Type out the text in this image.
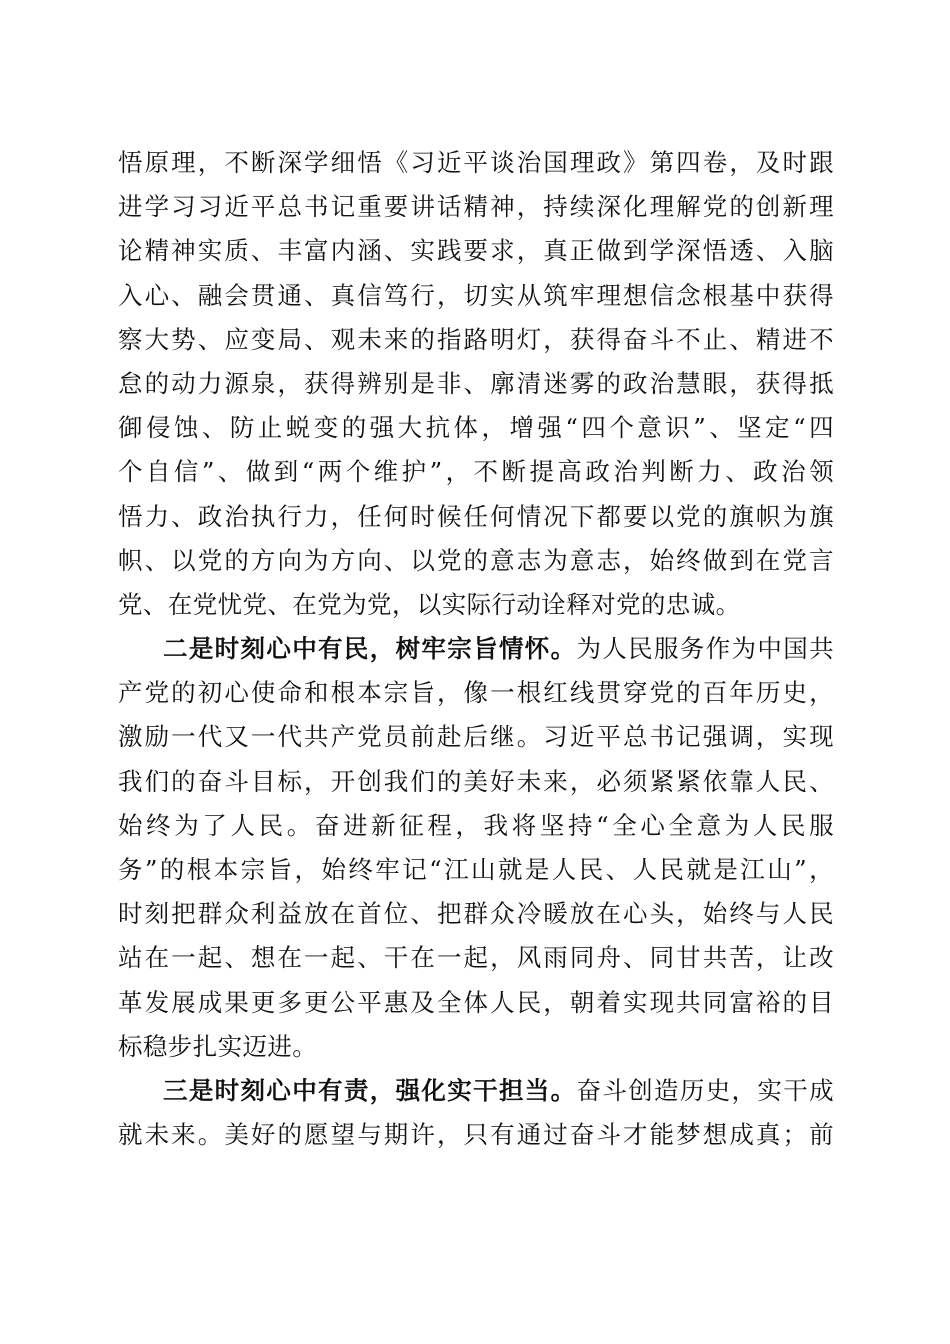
悟原理，不断深学细悟《习近平谈治国理政》第四卷，及时跟
进学习习近平总书记重要讲话精神，持续深化理解党的创新理
论精神实质、丰富内涵、实践要求，真正做到学深悟透、入脑
入心、融会贯通、真信笃行，切实从筑牢理想信念根基中获得
察大势、应变局、观未来的指路明灯，获得奋斗不止、精进不
怠的动力源泉，获得辨别是非、廓清迷雾的政治慧眼，获得抵
御侵蚀、防止蜕变的强大抗体，增强“四个意识”、坚定“四
个自信”、做到“两个维护”，不断提高政治判断力、政治领
悟力、政治执行力，任何时候任何情况下都要以党的旗帜为旗
帜、以党的方向为方向、以党的意志为意志，始终做到在党言
党、在党忧党、在党为党，以实际行动诠释对党的忠诚。
二是时刻心中有民，树牢宗旨情怀。为人民服务作为中国共
产党的初心使命和根本宗旨，像一根红线贯穿党的百年历史，
激励一代又一代共产党员前赴后继。习近平总书记强调，实现
我们的奋斗目标，开创我们的美好未来，必须紧紧依靠人民、
始终为了人民。奋进新征程，我将坚持“全心全意为人民服
务”的根本宗旨，始终牢记“江山就是人民、人民就是江山”，
时刻把群众利益放在首位、把群众冷暖放在心头，始终与人民
站在一起、想在一起、干在一起，风雨同舟、同甘共苦，让改
革发展成果更多更公平惠及全体人民，朝着实现共同富裕的目
标稳步扎实迈进。
三是时刻心中有责，强化实干担当。奋斗创造历史，实干成
就未来。美好的愿望与期许，只有通过奋斗才能梦想成真；前
